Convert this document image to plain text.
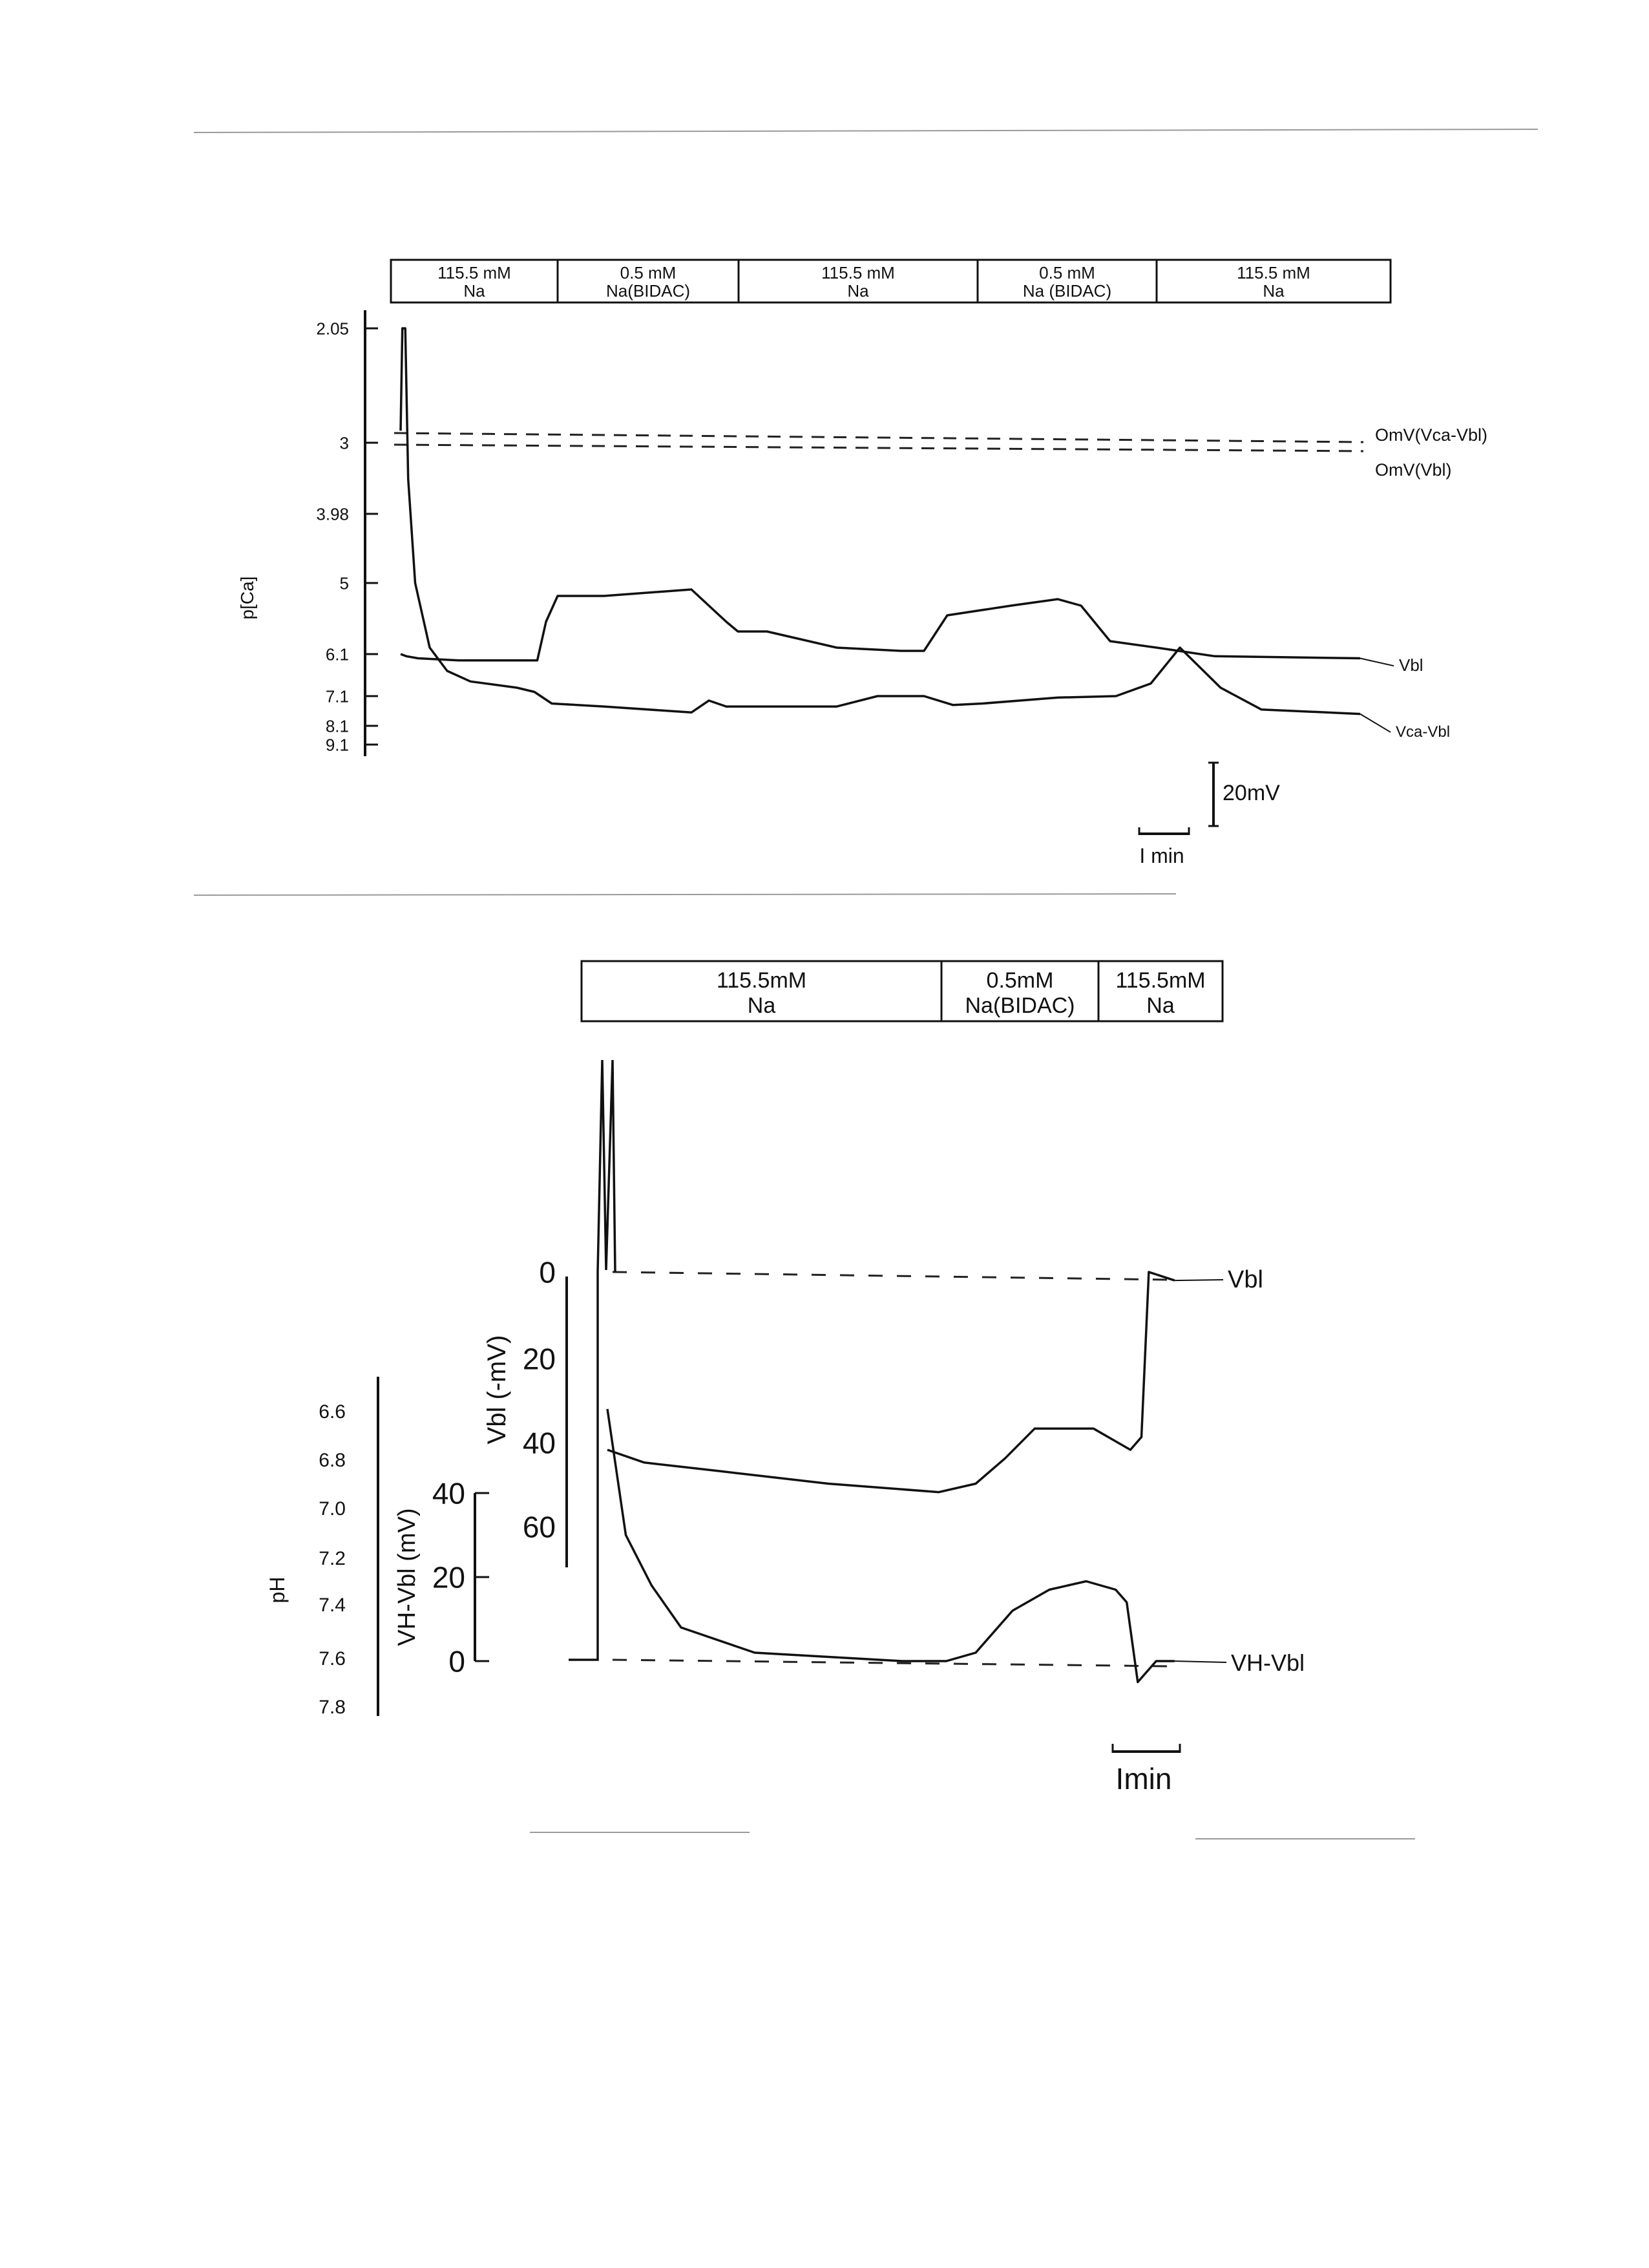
115.5 mM
Na
0.5 mM
Na(BIDAC)
115.5 mM
Na
0.5 mM
Na (BIDAC)
115.5 mM
Na
2.05
3
3.98
5
6.1
7.1
8.1
9.1
p[Ca]
OmV(Vca-Vbl)
OmV(Vbl)
Vbl
Vca-Vbl
20mV
I min
115.5mM
Na
0.5mM
Na(BIDAC)
115.5mM
Na
6.6
6.8
7.0
7.2
7.4
7.6
7.8
pH
40
20
0
VH-Vbl (mV)
0
20
40
60
Vbl (-mV)
Vbl
VH-Vbl
Imin
